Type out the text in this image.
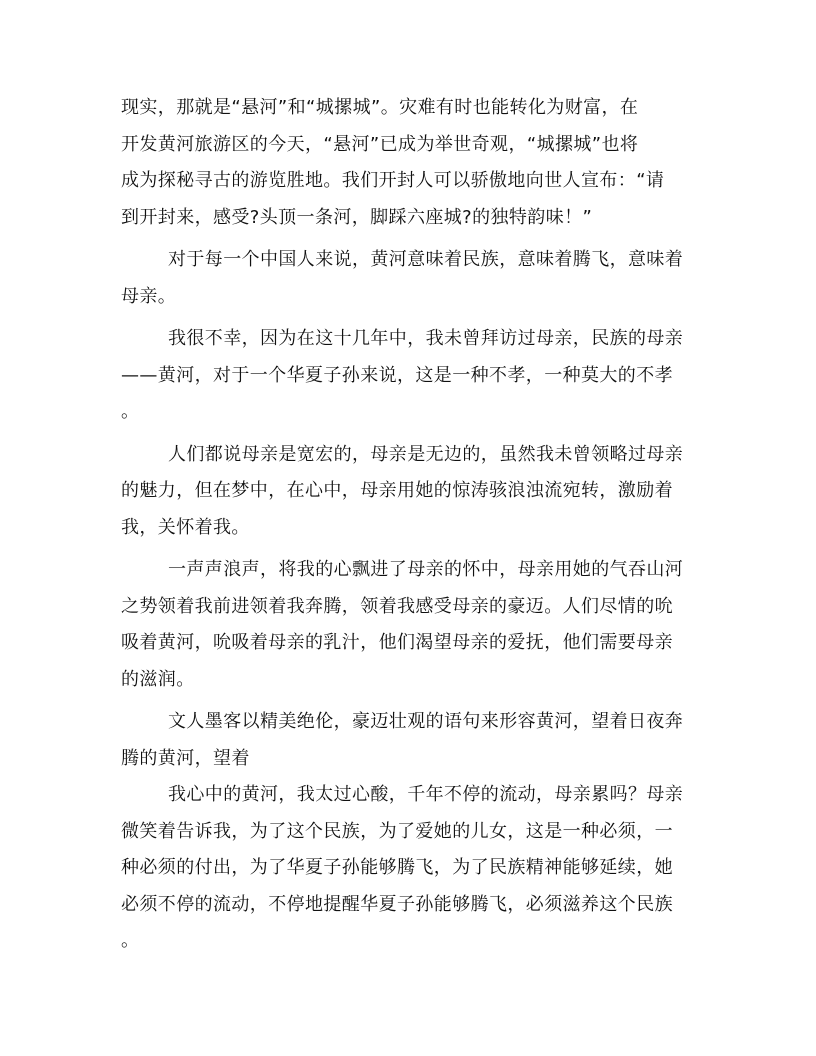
现实，那就是“悬河”和“城摞城”。灾难有时也能转化为财富，在
开发黄河旅游区的今天，“悬河”已成为举世奇观，“城摞城”也将
成为探秘寻古的游览胜地。我们开封人可以骄傲地向世人宣布：“请
到开封来，感受?头顶一条河，脚踩六座城?的独特韵味！”

对于每一个中国人来说，黄河意味着民族，意味着腾飞，意味着
母亲。

我很不幸，因为在这十几年中，我未曾拜访过母亲，民族的母亲
——黄河，对于一个华夏子孙来说，这是一种不孝，一种莫大的不孝
。

人们都说母亲是宽宏的，母亲是无边的，虽然我未曾领略过母亲
的魅力，但在梦中，在心中，母亲用她的惊涛骇浪浊流宛转，激励着
我，关怀着我。

一声声浪声，将我的心飘进了母亲的怀中，母亲用她的气吞山河
之势领着我前进领着我奔腾，领着我感受母亲的豪迈。人们尽情的吮
吸着黄河，吮吸着母亲的乳汁，他们渴望母亲的爱抚，他们需要母亲
的滋润。

文人墨客以精美绝伦，豪迈壮观的语句来形容黄河，望着日夜奔
腾的黄河，望着

我心中的黄河，我太过心酸，千年不停的流动，母亲累吗？母亲
微笑着告诉我，为了这个民族，为了爱她的儿女，这是一种必须，一
种必须的付出，为了华夏子孙能够腾飞，为了民族精神能够延续，她
必须不停的流动，不停地提醒华夏子孙能够腾飞，必须滋养这个民族
。
